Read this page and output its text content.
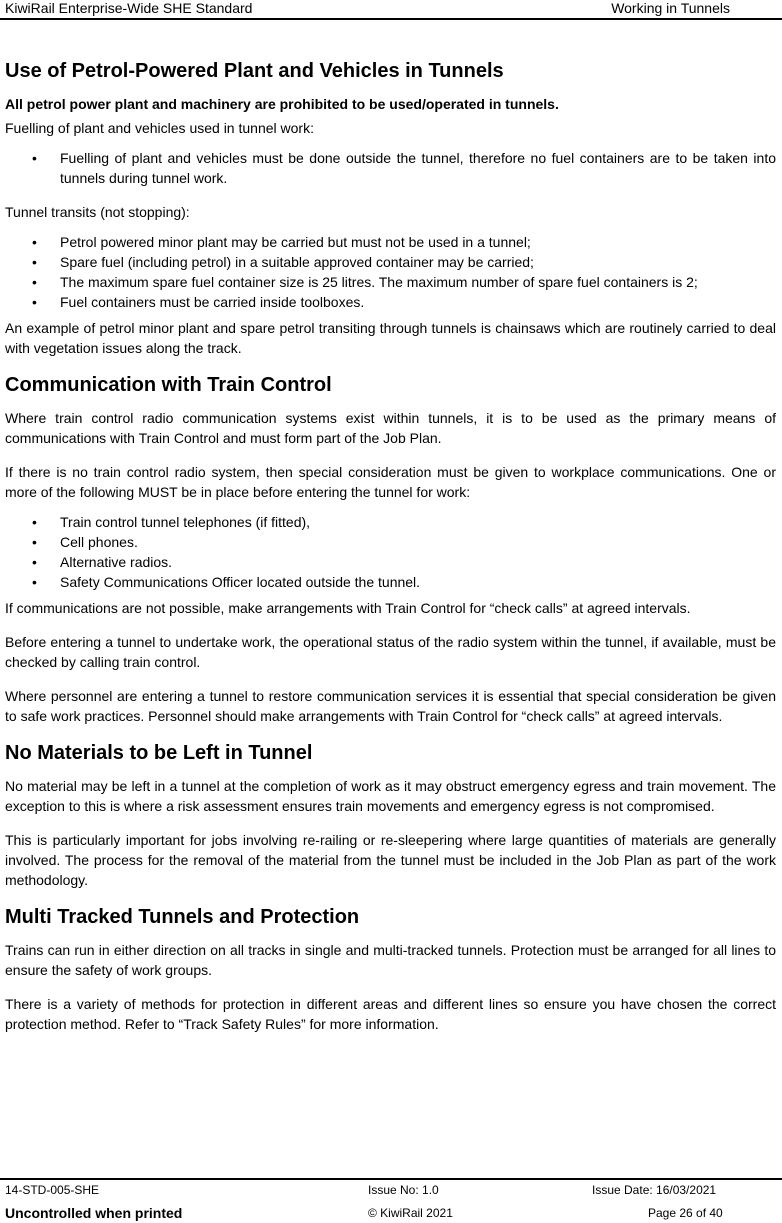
KiwiRail Enterprise-Wide SHE Standard	Working in Tunnels
Use of Petrol-Powered Plant and Vehicles in Tunnels

All petrol power plant and machinery are prohibited to be used/operated in tunnels.

Fuelling of plant and vehicles used in tunnel work:

• Fuelling of plant and vehicles must be done outside the tunnel, therefore no fuel containers are to be taken into tunnels during tunnel work.

Tunnel transits (not stopping):

• Petrol powered minor plant may be carried but must not be used in a tunnel;
• Spare fuel (including petrol) in a suitable approved container may be carried;
• The maximum spare fuel container size is 25 litres. The maximum number of spare fuel containers is 2;
• Fuel containers must be carried inside toolboxes.

An example of petrol minor plant and spare petrol transiting through tunnels is chainsaws which are routinely carried to deal with vegetation issues along the track.

Communication with Train Control

Where train control radio communication systems exist within tunnels, it is to be used as the primary means of communications with Train Control and must form part of the Job Plan.

If there is no train control radio system, then special consideration must be given to workplace communications. One or more of the following MUST be in place before entering the tunnel for work:

• Train control tunnel telephones (if fitted),
• Cell phones.
• Alternative radios.
• Safety Communications Officer located outside the tunnel.

If communications are not possible, make arrangements with Train Control for “check calls” at agreed intervals.

Before entering a tunnel to undertake work, the operational status of the radio system within the tunnel, if available, must be checked by calling train control.

Where personnel are entering a tunnel to restore communication services it is essential that special consideration be given to safe work practices. Personnel should make arrangements with Train Control for “check calls” at agreed intervals.

No Materials to be Left in Tunnel

No material may be left in a tunnel at the completion of work as it may obstruct emergency egress and train movement. The exception to this is where a risk assessment ensures train movements and emergency egress is not compromised.

This is particularly important for jobs involving re-railing or re-sleepering where large quantities of materials are generally involved. The process for the removal of the material from the tunnel must be included in the Job Plan as part of the work methodology.

Multi Tracked Tunnels and Protection

Trains can run in either direction on all tracks in single and multi-tracked tunnels. Protection must be arranged for all lines to ensure the safety of work groups.

There is a variety of methods for protection in different areas and different lines so ensure you have chosen the correct protection method. Refer to “Track Safety Rules” for more information.

14-STD-005-SHE	Issue No: 1.0	Issue Date: 16/03/2021
Uncontrolled when printed	© KiwiRail 2021	Page 26 of 40
